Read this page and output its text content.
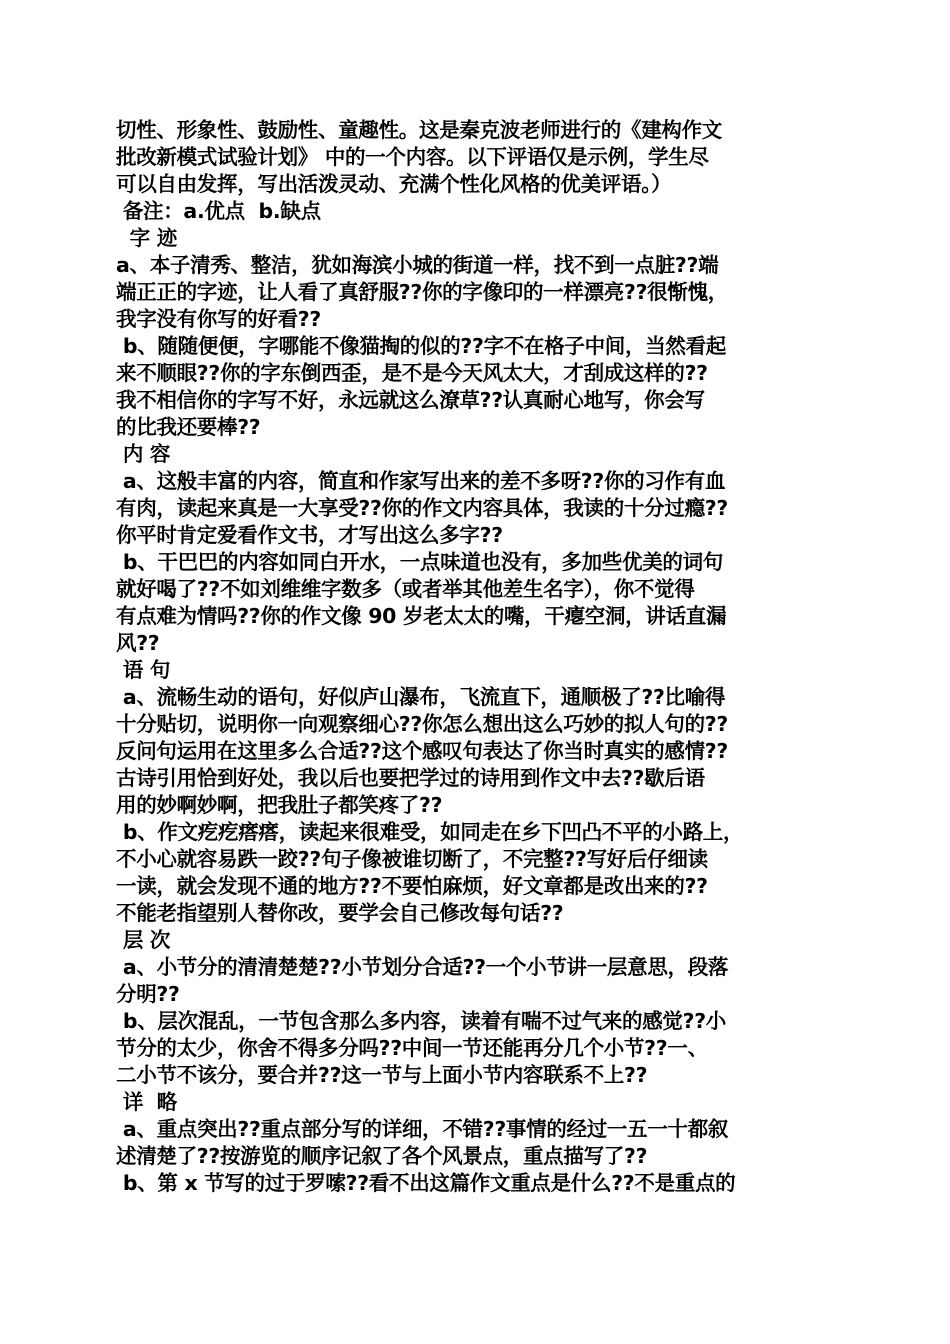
切性、形象性、鼓励性、童趣性。这是秦克波老师进行的《建构作文
批改新模式试验计划》 中的一个内容。以下评语仅是示例，学生尽
可以自由发挥，写出活泼灵动、充满个性化风格的优美评语。）
备注：a.优点  b.缺点
字 迹
a、本子清秀、整洁，犹如海滨小城的街道一样，找不到一点脏??端
端正正的字迹，让人看了真舒服??你的字像印的一样漂亮??很惭愧，
我字没有你写的好看??
b、随随便便，字哪能不像猫掏的似的??字不在格子中间，当然看起
来不顺眼??你的字东倒西歪，是不是今天风太大，才刮成这样的??
我不相信你的字写不好，永远就这么潦草??认真耐心地写，你会写
的比我还要棒??
内 容
a、这般丰富的内容，简直和作家写出来的差不多呀??你的习作有血
有肉，读起来真是一大享受??你的作文内容具体，我读的十分过瘾??
你平时肯定爱看作文书，才写出这么多字??
b、干巴巴的内容如同白开水，一点味道也没有，多加些优美的词句
就好喝了??不如刘维维字数多（或者举其他差生名字），你不觉得
有点难为情吗??你的作文像 90 岁老太太的嘴，干瘪空洞，讲话直漏
风??
语 句
a、流畅生动的语句，好似庐山瀑布，飞流直下，通顺极了??比喻得
十分贴切，说明你一向观察细心??你怎么想出这么巧妙的拟人句的??
反问句运用在这里多么合适??这个感叹句表达了你当时真实的感情??
古诗引用恰到好处，我以后也要把学过的诗用到作文中去??歇后语
用的妙啊妙啊，把我肚子都笑疼了??
b、作文疙疙瘩瘩，读起来很难受，如同走在乡下凹凸不平的小路上，
不小心就容易跌一跤??句子像被谁切断了，不完整??写好后仔细读
一读，就会发现不通的地方??不要怕麻烦，好文章都是改出来的??
不能老指望别人替你改，要学会自己修改每句话??
层 次
a、小节分的清清楚楚??小节划分合适??一个小节讲一层意思，段落
分明??
b、层次混乱，一节包含那么多内容，读着有喘不过气来的感觉??小
节分的太少，你舍不得多分吗??中间一节还能再分几个小节??一、
二小节不该分，要合并??这一节与上面小节内容联系不上??
详  略
a、重点突出??重点部分写的详细，不错??事情的经过一五一十都叙
述清楚了??按游览的顺序记叙了各个风景点，重点描写了??
b、第 x 节写的过于罗嗦??看不出这篇作文重点是什么??不是重点的
